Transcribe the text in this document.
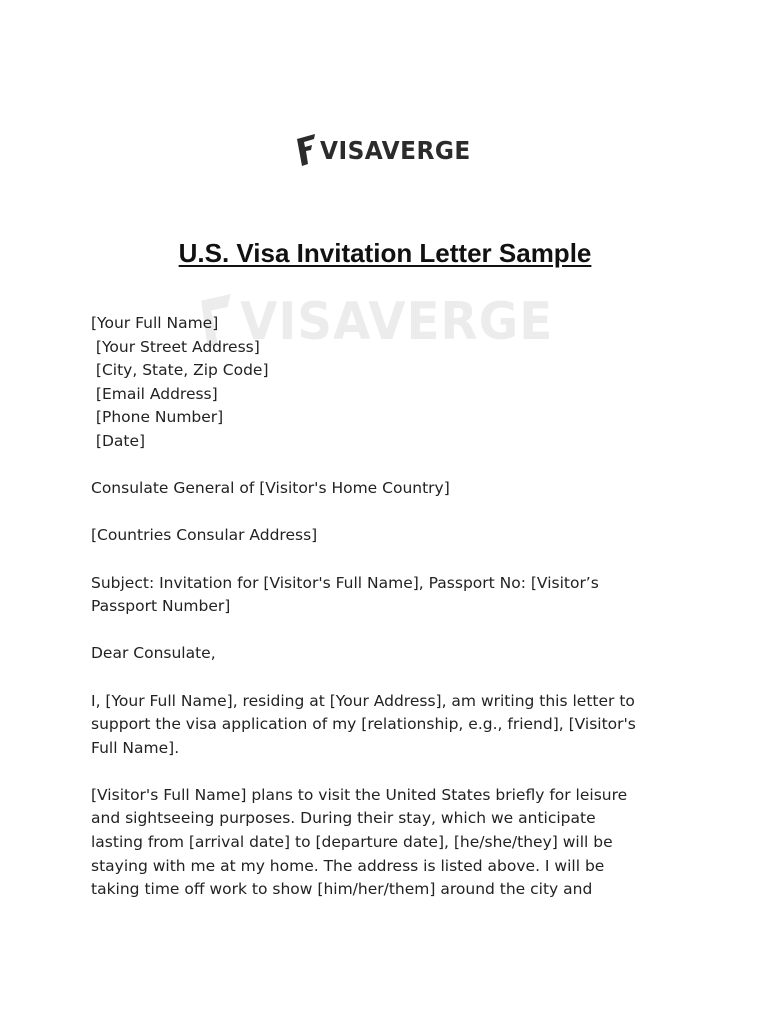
VISAVERGE
VISAVERGE
U.S. Visa Invitation Letter Sample
[Your Full Name]
[Your Street Address]
[City, State, Zip Code]
[Email Address]
[Phone Number]
[Date]
Consulate General of [Visitor's Home Country]
[Countries Consular Address]
Subject: Invitation for [Visitor's Full Name], Passport No: [Visitor’s
Passport Number]
Dear Consulate,
I, [Your Full Name], residing at [Your Address], am writing this letter to
support the visa application of my [relationship, e.g., friend], [Visitor's
Full Name].
[Visitor's Full Name] plans to visit the United States briefly for leisure
and sightseeing purposes. During their stay, which we anticipate
lasting from [arrival date] to [departure date], [he/she/they] will be
staying with me at my home. The address is listed above. I will be
taking time off work to show [him/her/them] around the city and
